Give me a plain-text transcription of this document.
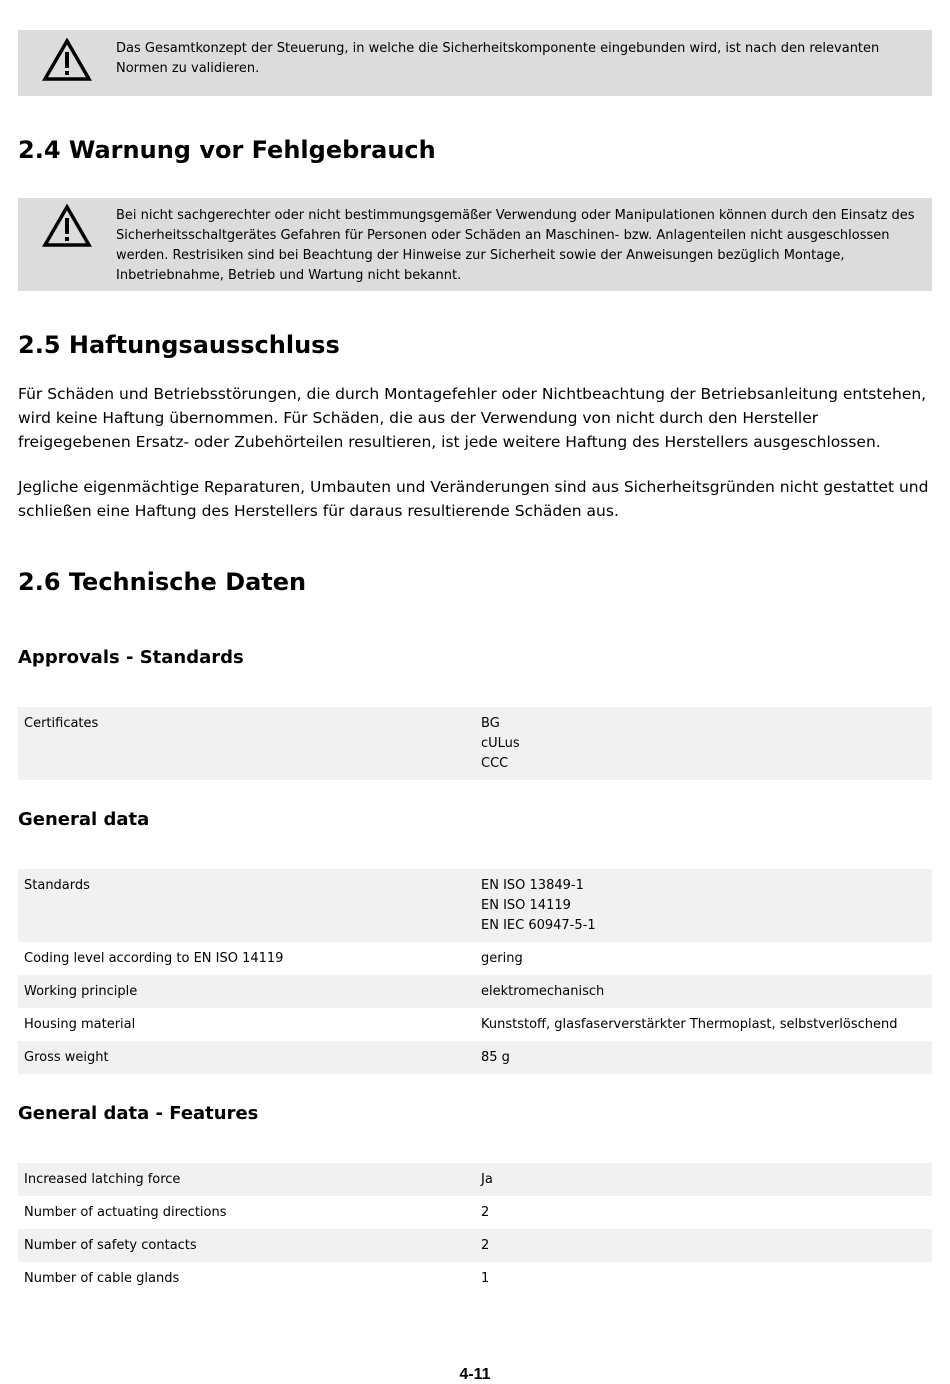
Das Gesamtkonzept der Steuerung, in welche die Sicherheitskomponente eingebunden wird, ist nach den relevanten Normen zu validieren.
2.4 Warnung vor Fehlgebrauch
Bei nicht sachgerechter oder nicht bestimmungsgemäßer Verwendung oder Manipulationen können durch den Einsatz des Sicherheitsschaltgerätes Gefahren für Personen oder Schäden an Maschinen- bzw. Anlagenteilen nicht ausgeschlossen werden. Restrisiken sind bei Beachtung der Hinweise zur Sicherheit sowie der Anweisungen bezüglich Montage, Inbetriebnahme, Betrieb und Wartung nicht bekannt.
2.5 Haftungsausschluss

Für Schäden und Betriebsstörungen, die durch Montagefehler oder Nichtbeachtung der Betriebsanleitung entstehen, wird keine Haftung übernommen. Für Schäden, die aus der Verwendung von nicht durch den Hersteller freigegebenen Ersatz- oder Zubehörteilen resultieren, ist jede weitere Haftung des Herstellers ausgeschlossen.

Jegliche eigenmächtige Reparaturen, Umbauten und Veränderungen sind aus Sicherheitsgründen nicht gestattet und schließen eine Haftung des Herstellers für daraus resultierende Schäden aus.

2.6 Technische Daten
Approvals - Standards
Certificates	BG
cULus
CCC
General data
Standards	EN ISO 13849-1
EN ISO 14119
EN IEC 60947-5-1
Coding level according to EN ISO 14119	gering
Working principle	elektromechanisch
Housing material	Kunststoff, glasfaserverstärkter Thermoplast, selbstverlöschend
Gross weight	85 g
General data - Features
Increased latching force	Ja
Number of actuating directions	2
Number of safety contacts	2
Number of cable glands	1
4-11
